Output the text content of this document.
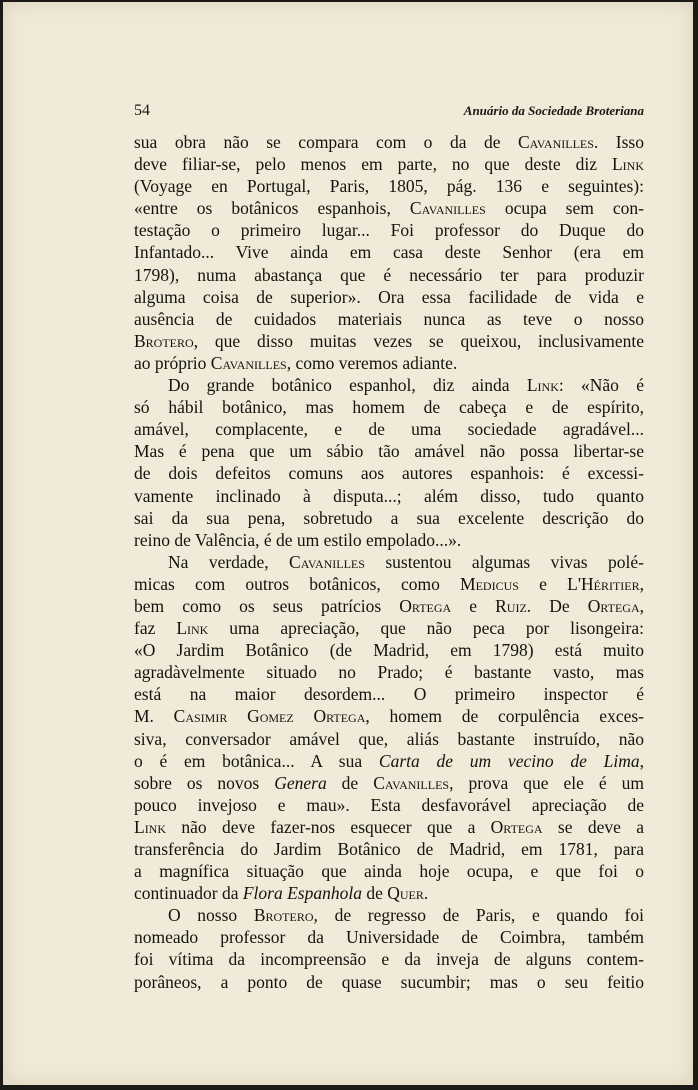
54	Anuário da Sociedade Broteriana
sua obra não se compara com o da de Cavanilles. Isso
deve filiar-se, pelo menos em parte, no que deste diz Link
(Voyage en Portugal, Paris, 1805, pág. 136 e seguintes):
«entre os botânicos espanhois, Cavanilles ocupa sem con-
testação o primeiro lugar... Foi professor do Duque do
Infantado... Vive ainda em casa deste Senhor (era em
1798), numa abastança que é necessário ter para produzir
alguma coisa de superior». Ora essa facilidade de vida e
ausência de cuidados materiais nunca as teve o nosso
Brotero, que disso muitas vezes se queixou, inclusivamente
ao próprio Cavanilles, como veremos adiante.
Do grande botânico espanhol, diz ainda Link: «Não é
só hábil botânico, mas homem de cabeça e de espírito,
amável, complacente, e de uma sociedade agradável...
Mas é pena que um sábio tão amável não possa libertar-se
de dois defeitos comuns aos autores espanhois: é excessi-
vamente inclinado à disputa...; além disso, tudo quanto
sai da sua pena, sobretudo a sua excelente descrição do
reino de Valência, é de um estilo empolado...».
Na verdade, Cavanilles sustentou algumas vivas polé-
micas com outros botânicos, como Medicus e L'Héritier,
bem como os seus patrícios Ortega e Ruiz. De Ortega,
faz Link uma apreciação, que não peca por lisongeira:
«O Jardim Botânico (de Madrid, em 1798) está muito
agradàvelmente situado no Prado; é bastante vasto, mas
está na maior desordem... O primeiro inspector é
M. Casimir Gomez Ortega, homem de corpulência exces-
siva, conversador amável que, aliás bastante instruído, não
o é em botânica... A sua Carta de um vecino de Lima,
sobre os novos Genera de Cavanilles, prova que ele é um
pouco invejoso e mau». Esta desfavorável apreciação de
Link não deve fazer-nos esquecer que a Ortega se deve a
transferência do Jardim Botânico de Madrid, em 1781, para
a magnífica situação que ainda hoje ocupa, e que foi o
continuador da Flora Espanhola de Quer.
O nosso Brotero, de regresso de Paris, e quando foi
nomeado professor da Universidade de Coimbra, também
foi vítima da incompreensão e da inveja de alguns contem-
porâneos, a ponto de quase sucumbir; mas o seu feitio
